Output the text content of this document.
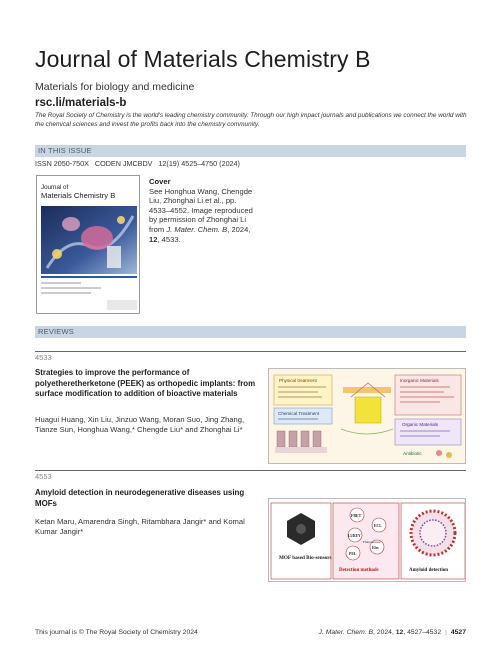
Journal of Materials Chemistry B
Materials for biology and medicine
rsc.li/materials-b
The Royal Society of Chemistry is the world's leading chemistry community. Through our high impact journals and publications we connect the world with the chemical sciences and invest the profits back into the chemistry community.
IN THIS ISSUE
ISSN 2050-750X   CODEN JMCBDV   12(19) 4525–4750 (2024)
Journal of
Materials Chemistry B
Cover
See Honghua Wang, Chengde Liu, Zhonghai Li et al., pp. 4533–4552. Image reproduced by permission of Zhonghai Li from J. Mater. Chem. B, 2024, 12, 4533.
REVIEWS
4533
Strategies to improve the performance of polyetheretherketone (PEEK) as orthopedic implants: from surface modification to addition of bioactive materials
Huagui Huang, Xin Liu, Jinzuo Wang, Moran Suo, Jing Zhang, Tianze Sun, Honghua Wang,* Chengde Liu* and Zhonghai Li*
Physical treatment
Chemical Treatment
Inorganic Materials
Organic Materials
Antibiotic
4553
Amyloid detection in neurodegenerative diseases using MOFs
Ketan Maru, Amarendra Singh, Ritambhara Jangir* and Komal Kumar Jangir*
MOF based Bio-sensors
FRET
ECL
LUREY
Elec
Fluorescence
PEL
Detection methods	Amyloid detection
This journal is © The Royal Society of Chemistry 2024	J. Mater. Chem. B, 2024, 12, 4527–4532 | 4527
